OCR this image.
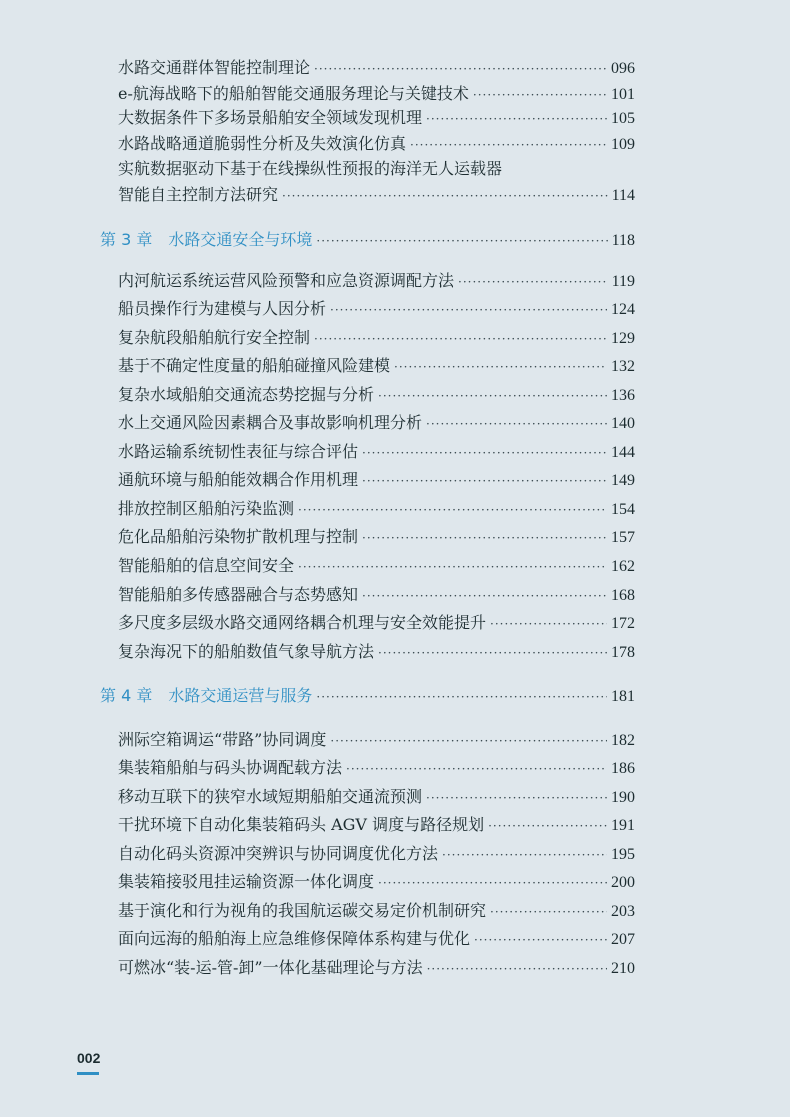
水路交通群体智能控制理论 ·····	096
e-航海战略下的船舶智能交通服务理论与关键技术 ·····	101
大数据条件下多场景船舶安全领域发现机理 ·····	105
水路战略通道脆弱性分析及失效演化仿真 ·····	109
实航数据驱动下基于在线操纵性预报的海洋无人运载器
智能自主控制方法研究 ·····	114
第 3 章 水路交通安全与环境 ·····	118
内河航运系统运营风险预警和应急资源调配方法 ·····	119
船员操作行为建模与人因分析 ·····	124
复杂航段船舶航行安全控制 ·····	129
基于不确定性度量的船舶碰撞风险建模 ·····	132
复杂水域船舶交通流态势挖掘与分析 ·····	136
水上交通风险因素耦合及事故影响机理分析 ·····	140
水路运输系统韧性表征与综合评估 ·····	144
通航环境与船舶能效耦合作用机理 ·····	149
排放控制区船舶污染监测 ·····	154
危化品船舶污染物扩散机理与控制 ·····	157
智能船舶的信息空间安全 ·····	162
智能船舶多传感器融合与态势感知 ·····	168
多尺度多层级水路交通网络耦合机理与安全效能提升 ·····	172
复杂海况下的船舶数值气象导航方法 ·····	178
第 4 章 水路交通运营与服务 ·····	181
洲际空箱调运“带路”协同调度 ·····	182
集装箱船舶与码头协调配载方法 ·····	186
移动互联下的狭窄水域短期船舶交通流预测 ·····	190
干扰环境下自动化集装箱码头 AGV 调度与路径规划 ·····	191
自动化码头资源冲突辨识与协同调度优化方法 ·····	195
集装箱接驳甩挂运输资源一体化调度 ·····	200
基于演化和行为视角的我国航运碳交易定价机制研究 ·····	203
面向远海的船舶海上应急维修保障体系构建与优化 ·····	207
可燃冰“装-运-管-卸”一体化基础理论与方法 ·····	210
002
